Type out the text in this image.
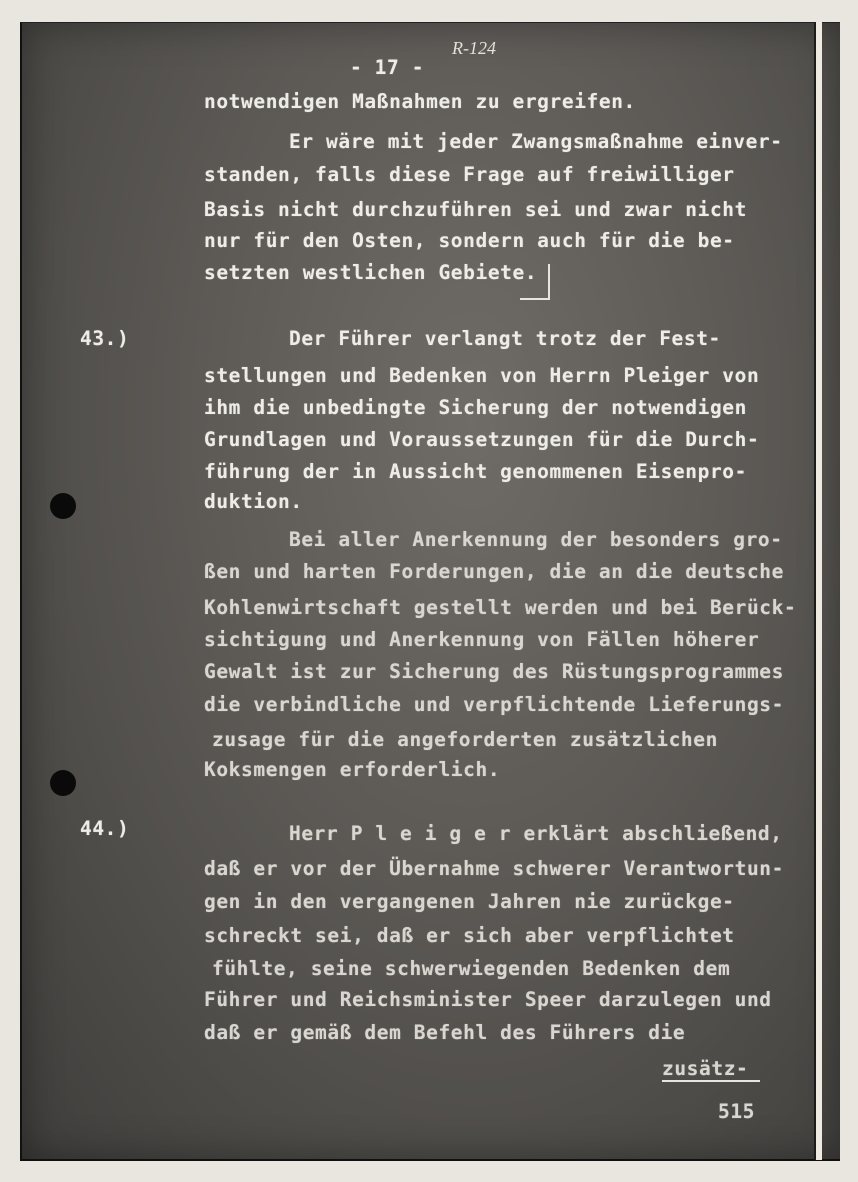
- 17 -
R-124
notwendigen Maßnahmen zu ergreifen.
Er wäre mit jeder Zwangsmaßnahme einver-
standen, falls diese Frage auf freiwilliger
Basis nicht durchzuführen sei und zwar nicht
nur für den Osten, sondern auch für die be-
setzten westlichen Gebiete.
43.)	Der Führer verlangt trotz der Fest-
stellungen und Bedenken von Herrn Pleiger von
ihm die unbedingte Sicherung der notwendigen
Grundlagen und Voraussetzungen für die Durch-
führung der in Aussicht genommenen Eisenpro-
duktion.
Bei aller Anerkennung der besonders gro-
ßen und harten Forderungen, die an die deutsche
Kohlenwirtschaft gestellt werden und bei Berück-
sichtigung und Anerkennung von Fällen höherer
Gewalt ist zur Sicherung des Rüstungsprogrammes
die verbindliche und verpflichtende Lieferungs-
zusage für die angeforderten zusätzlichen
Koksmengen erforderlich.
44.)	Herr P l e i g e r erklärt abschließend,
daß er vor der Übernahme schwerer Verantwortun-
gen in den vergangenen Jahren nie zurückge-
schreckt sei, daß er sich aber verpflichtet
fühlte, seine schwerwiegenden Bedenken dem
Führer und Reichsminister Speer darzulegen und
daß er gemäß dem Befehl des Führers die
zusätz-
515
